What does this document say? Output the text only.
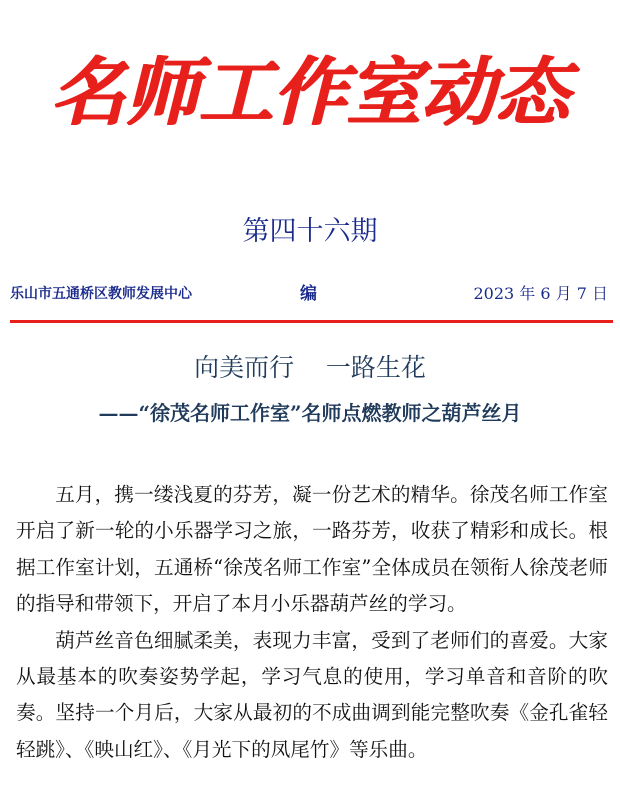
名师工作室动态
第四十六期
乐山市五通桥区教师发展中心	编	2023 年 6 月 7 日
向美而行    一路生花
——“徐茂名师工作室”名师点燃教师之葫芦丝月

五月，携一缕浅夏的芬芳，凝一份艺术的精华。徐茂名师工作室开启了新一轮的小乐器学习之旅，一路芬芳，收获了精彩和成长。根据工作室计划，五通桥“徐茂名师工作室”全体成员在领衔人徐茂老师的指导和带领下，开启了本月小乐器葫芦丝的学习。

葫芦丝音色细腻柔美，表现力丰富，受到了老师们的喜爱。大家从最基本的吹奏姿势学起，学习气息的使用，学习单音和音阶的吹奏。坚持一个月后，大家从最初的不成曲调到能完整吹奏《金孔雀轻轻跳》、《映山红》、《月光下的凤尾竹》等乐曲。
